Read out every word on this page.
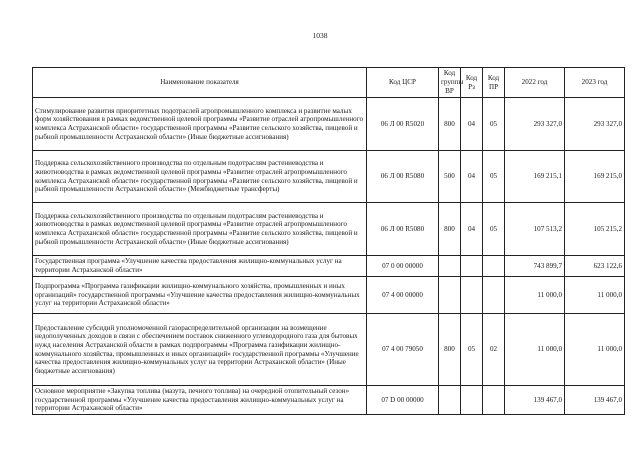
1038
Наименование показателя	Код ЦСР	Код группы ВР	Код Рз	Код ПР	2022 год	2023 год
Стимулирование развития приоритетных подотраслей агропромышленного комплекса и развитие малых форм хозяйствования в рамках ведомственной целевой программы «Развитие отраслей агропромышленного комплекса Астраханской области» государственной программы «Развитие сельского хозяйства, пищевой и рыбной промышленности Астраханской области» (Иные бюджетные ассигнования)	06 Л 00 R5020	800	04	05	293 327,0	293 327,0
Поддержка сельскохозяйственного производства по отдельным подотраслям растениеводства и животноводства в рамках ведомственной целевой программы «Развитие отраслей агропромышленного комплекса Астраханской области» государственной программы «Развитие сельского хозяйства, пищевой и рыбной промышленности Астраханской области» (Межбюджетные трансферты)	06 Л 00 R5080	500	04	05	169 215,1	169 215,0
Поддержка сельскохозяйственного производства по отдельным подотраслям растениеводства и животноводства в рамках ведомственной целевой программы «Развитие отраслей агропромышленного комплекса Астраханской области» государственной программы «Развитие сельского хозяйства, пищевой и рыбной промышленности Астраханской области» (Иные бюджетные ассигнования)	06 Л 00 R5080	800	04	05	107 513,2	105 215,2
Государственная программа «Улучшение качества предоставления жилищно-коммунальных услуг на территории Астраханской области»	07 0 00 00000				743 899,7	623 122,6
Подпрограмма «Программа газификации жилищно-коммунального хозяйства, промышленных и иных организаций» государственной программы «Улучшение качества предоставления жилищно-коммунальных услуг на территории Астраханской области»	07 4 00 00000				11 000,0	11 000,0
Предоставление субсидий уполномоченной газораспределительной организации на возмещение недополученных доходов в связи с обеспечением поставок сниженного углеводородного газа для бытовых нужд населения Астраханской области в рамках подпрограммы «Программа газификации жилищно-коммунального хозяйства, промышленных и иных организаций» государственной программы «Улучшение качества предоставления жилищно-коммунальных услуг на территории Астраханской области» (Иные бюджетные ассигнования)	07 4 00 79050	800	05	02	11 000,0	11 000,0
Основное мероприятие «Закупка топлива (мазута, печного топлива) на очередной отопительный сезон» государственной программы «Улучшение качества предоставления жилищно-коммунальных услуг на территории Астраханской области»	07 D 00 00000				139 467,0	139 467,0
